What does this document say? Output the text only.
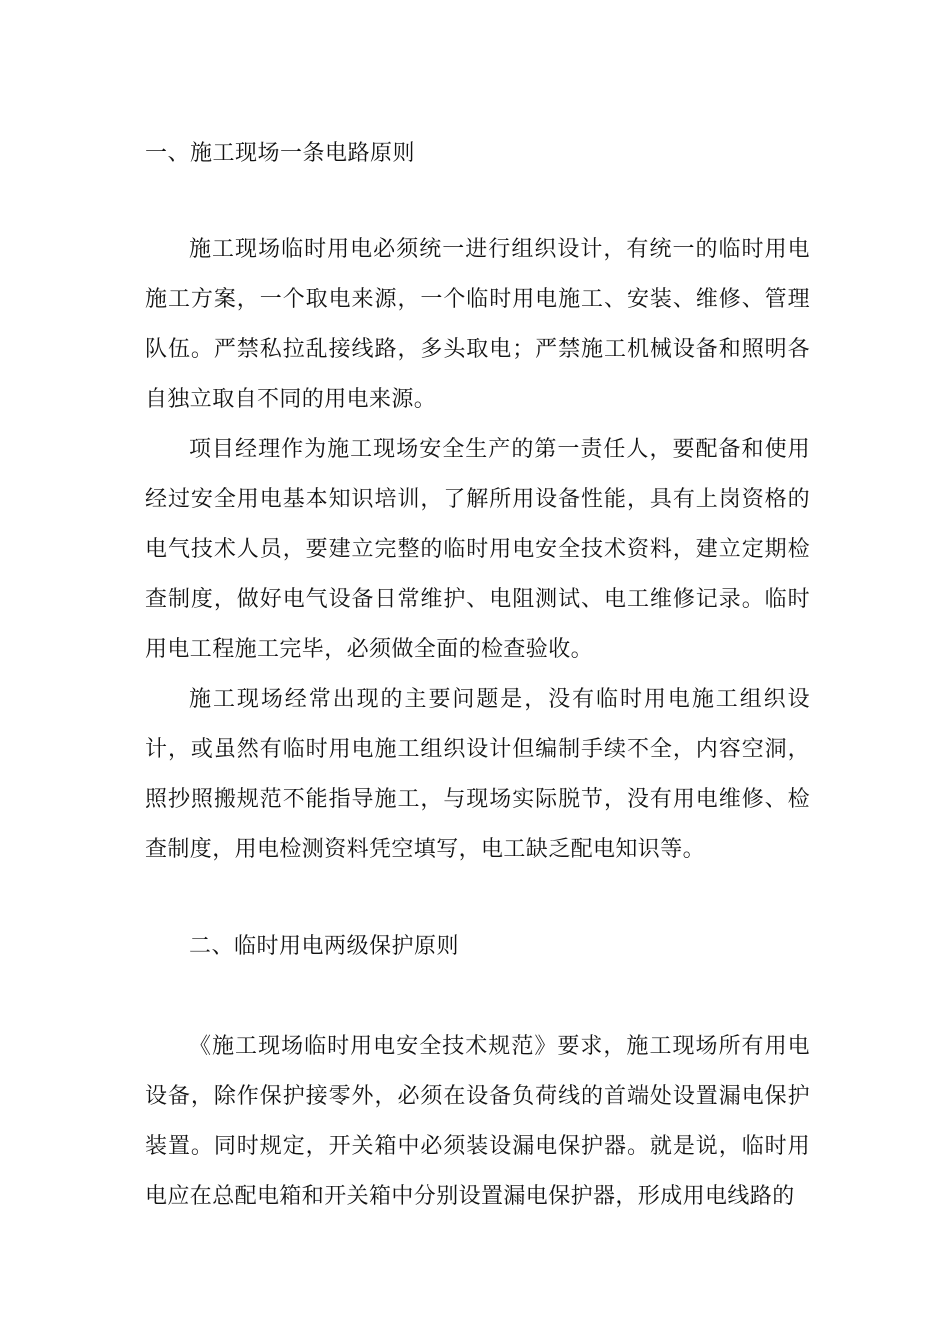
一、施工现场一条电路原则

施工现场临时用电必须统一进行组织设计，有统一的临时用电施工方案，一个取电来源，一个临时用电施工、安装、维修、管理队伍。严禁私拉乱接线路，多头取电；严禁施工机械设备和照明各自独立取自不同的用电来源。

项目经理作为施工现场安全生产的第一责任人，要配备和使用经过安全用电基本知识培训，了解所用设备性能，具有上岗资格的电气技术人员，要建立完整的临时用电安全技术资料，建立定期检查制度，做好电气设备日常维护、电阻测试、电工维修记录。临时用电工程施工完毕，必须做全面的检查验收。

施工现场经常出现的主要问题是，没有临时用电施工组织设计，或虽然有临时用电施工组织设计但编制手续不全，内容空洞，照抄照搬规范不能指导施工，与现场实际脱节，没有用电维修、检查制度，用电检测资料凭空填写，电工缺乏配电知识等。

二、临时用电两级保护原则

《施工现场临时用电安全技术规范》要求，施工现场所有用电设备，除作保护接零外，必须在设备负荷线的首端处设置漏电保护装置。同时规定，开关箱中必须装设漏电保护器。就是说，临时用电应在总配电箱和开关箱中分别设置漏电保护器，形成用电线路的
